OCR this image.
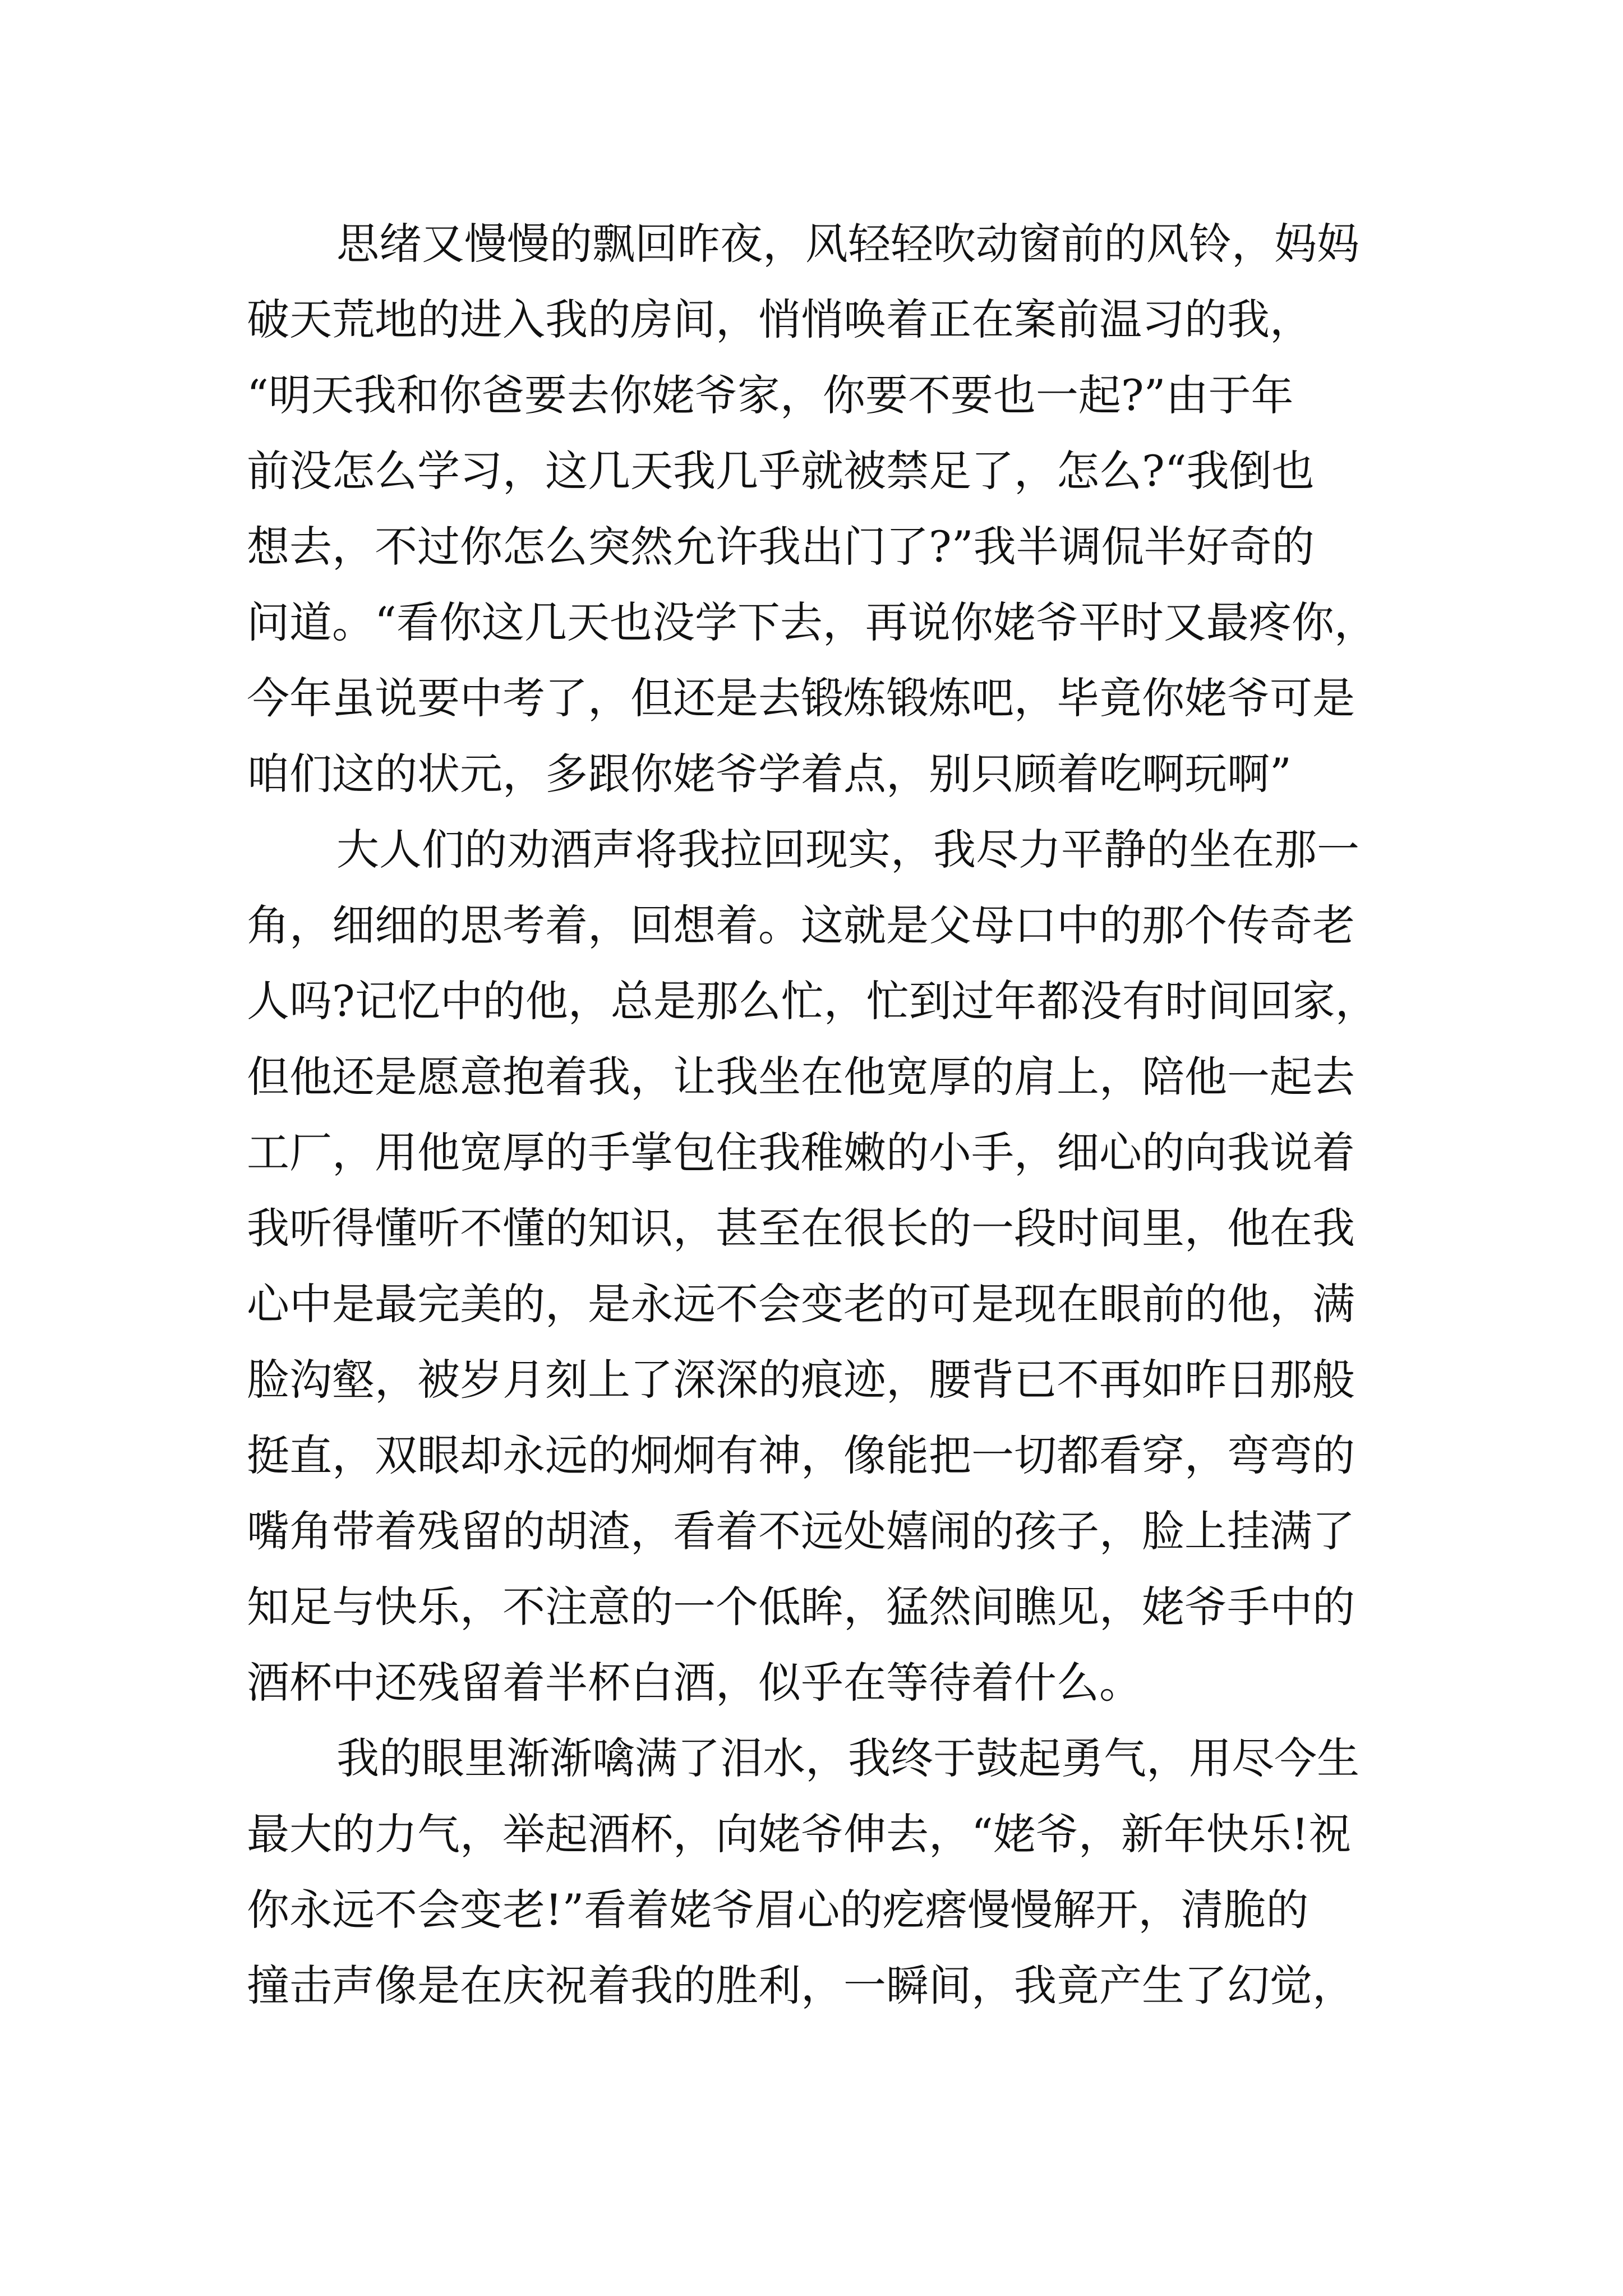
思绪又慢慢的飘回昨夜，风轻轻吹动窗前的风铃，妈妈
破天荒地的进入我的房间，悄悄唤着正在案前温习的我，
“明天我和你爸要去你姥爷家，你要不要也一起?”由于年
前没怎么学习，这几天我几乎就被禁足了，怎么?“我倒也
想去，不过你怎么突然允许我出门了?”我半调侃半好奇的
问道。“看你这几天也没学下去，再说你姥爷平时又最疼你，
今年虽说要中考了，但还是去锻炼锻炼吧，毕竟你姥爷可是
咱们这的状元，多跟你姥爷学着点，别只顾着吃啊玩啊”
大人们的劝酒声将我拉回现实，我尽力平静的坐在那一
角，细细的思考着，回想着。这就是父母口中的那个传奇老
人吗?记忆中的他，总是那么忙，忙到过年都没有时间回家，
但他还是愿意抱着我，让我坐在他宽厚的肩上，陪他一起去
工厂，用他宽厚的手掌包住我稚嫩的小手，细心的向我说着
我听得懂听不懂的知识，甚至在很长的一段时间里，他在我
心中是最完美的，是永远不会变老的可是现在眼前的他，满
脸沟壑，被岁月刻上了深深的痕迹，腰背已不再如昨日那般
挺直，双眼却永远的炯炯有神，像能把一切都看穿，弯弯的
嘴角带着残留的胡渣，看着不远处嬉闹的孩子，脸上挂满了
知足与快乐，不注意的一个低眸，猛然间瞧见，姥爷手中的
酒杯中还残留着半杯白酒，似乎在等待着什么。
我的眼里渐渐噙满了泪水，我终于鼓起勇气，用尽今生
最大的力气，举起酒杯，向姥爷伸去，“姥爷，新年快乐!祝
你永远不会变老!”看着姥爷眉心的疙瘩慢慢解开，清脆的
撞击声像是在庆祝着我的胜利，一瞬间，我竟产生了幻觉，
